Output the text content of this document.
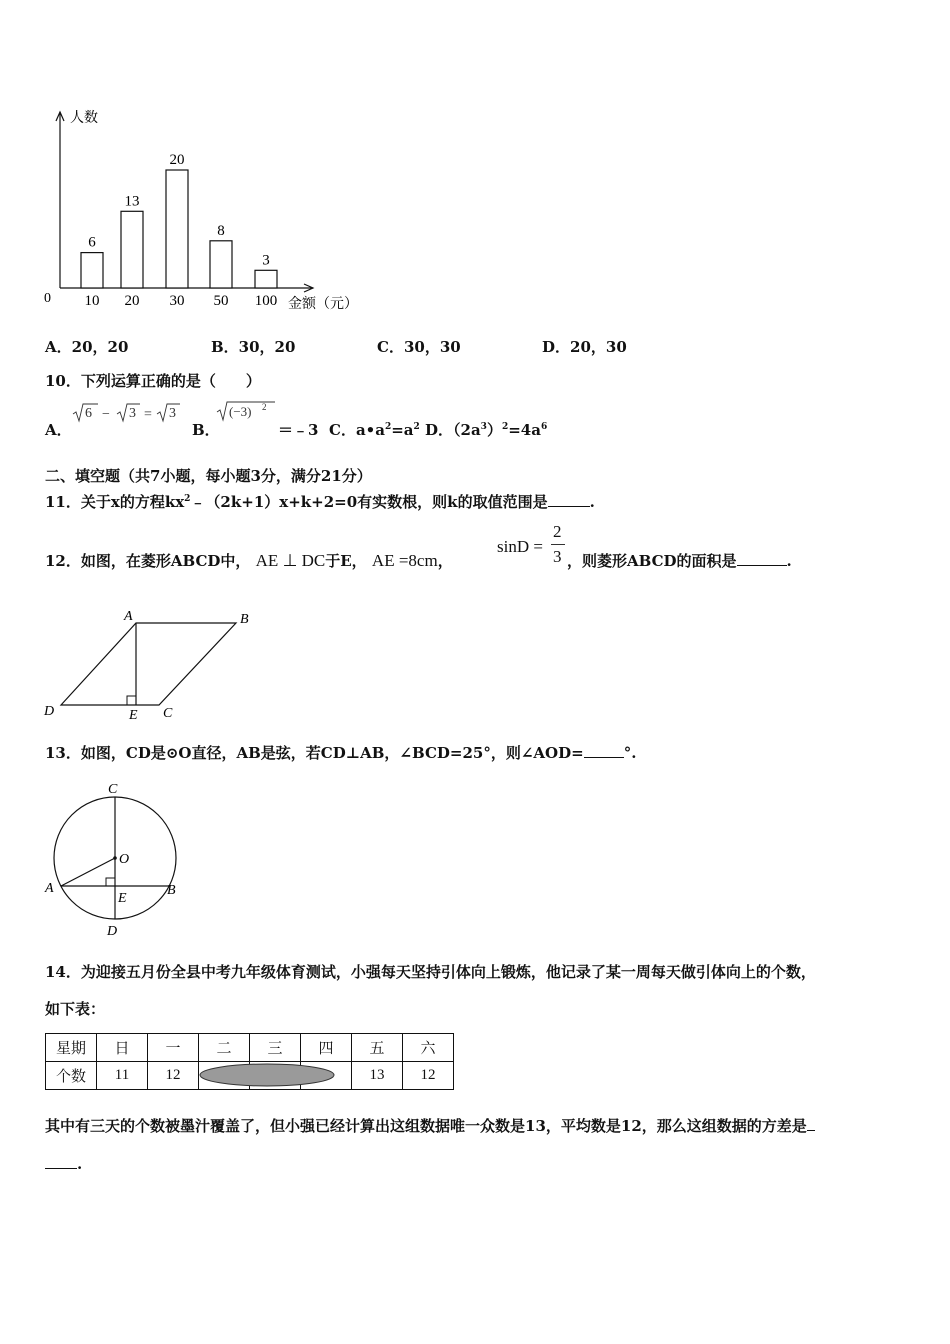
人数
金额（元）
0
6
10
13
20
20
30
8
50
3
100
A．20，20	B．30，20	C．30，30	D．20，30
10．下列运算正确的是（　　）
A．
6 − 3 = 3
B．
(−3) 2
＝﹣3 C．$a•a^2=a^2$ D．$(2a^3)^2=4a^6$
二、填空题（共7小题，每小题3分，满分21分）
11．关于x的方程$kx^2﹣(2k+1)x+k+2=0$有实数根，则k的取值范围是	.
12．如图，在菱形ABCD中， AE ⊥ DC于E， AE =8cm，
sinD =
2
3 ，则菱形ABCD的面积是	.
A	B
C
D	E
13．如图，CD是⊙O直径，AB是弦，若CD⊥AB，∠BCD=25°，则∠AOD=	°.
C
O
A	B
E
D
14．为迎接五月份全县中考九年级体育测试，小强每天坚持引体向上锻炼，他记录了某一周每天做引体向上的个数，
如下表：
星期	日	一	二	三	四	五	六
个数	11	12				13	12
其中有三天的个数被墨汁覆盖了，但小强已经计算出这组数据唯一众数是13，平均数是12，那么这组数据的方差是
.
